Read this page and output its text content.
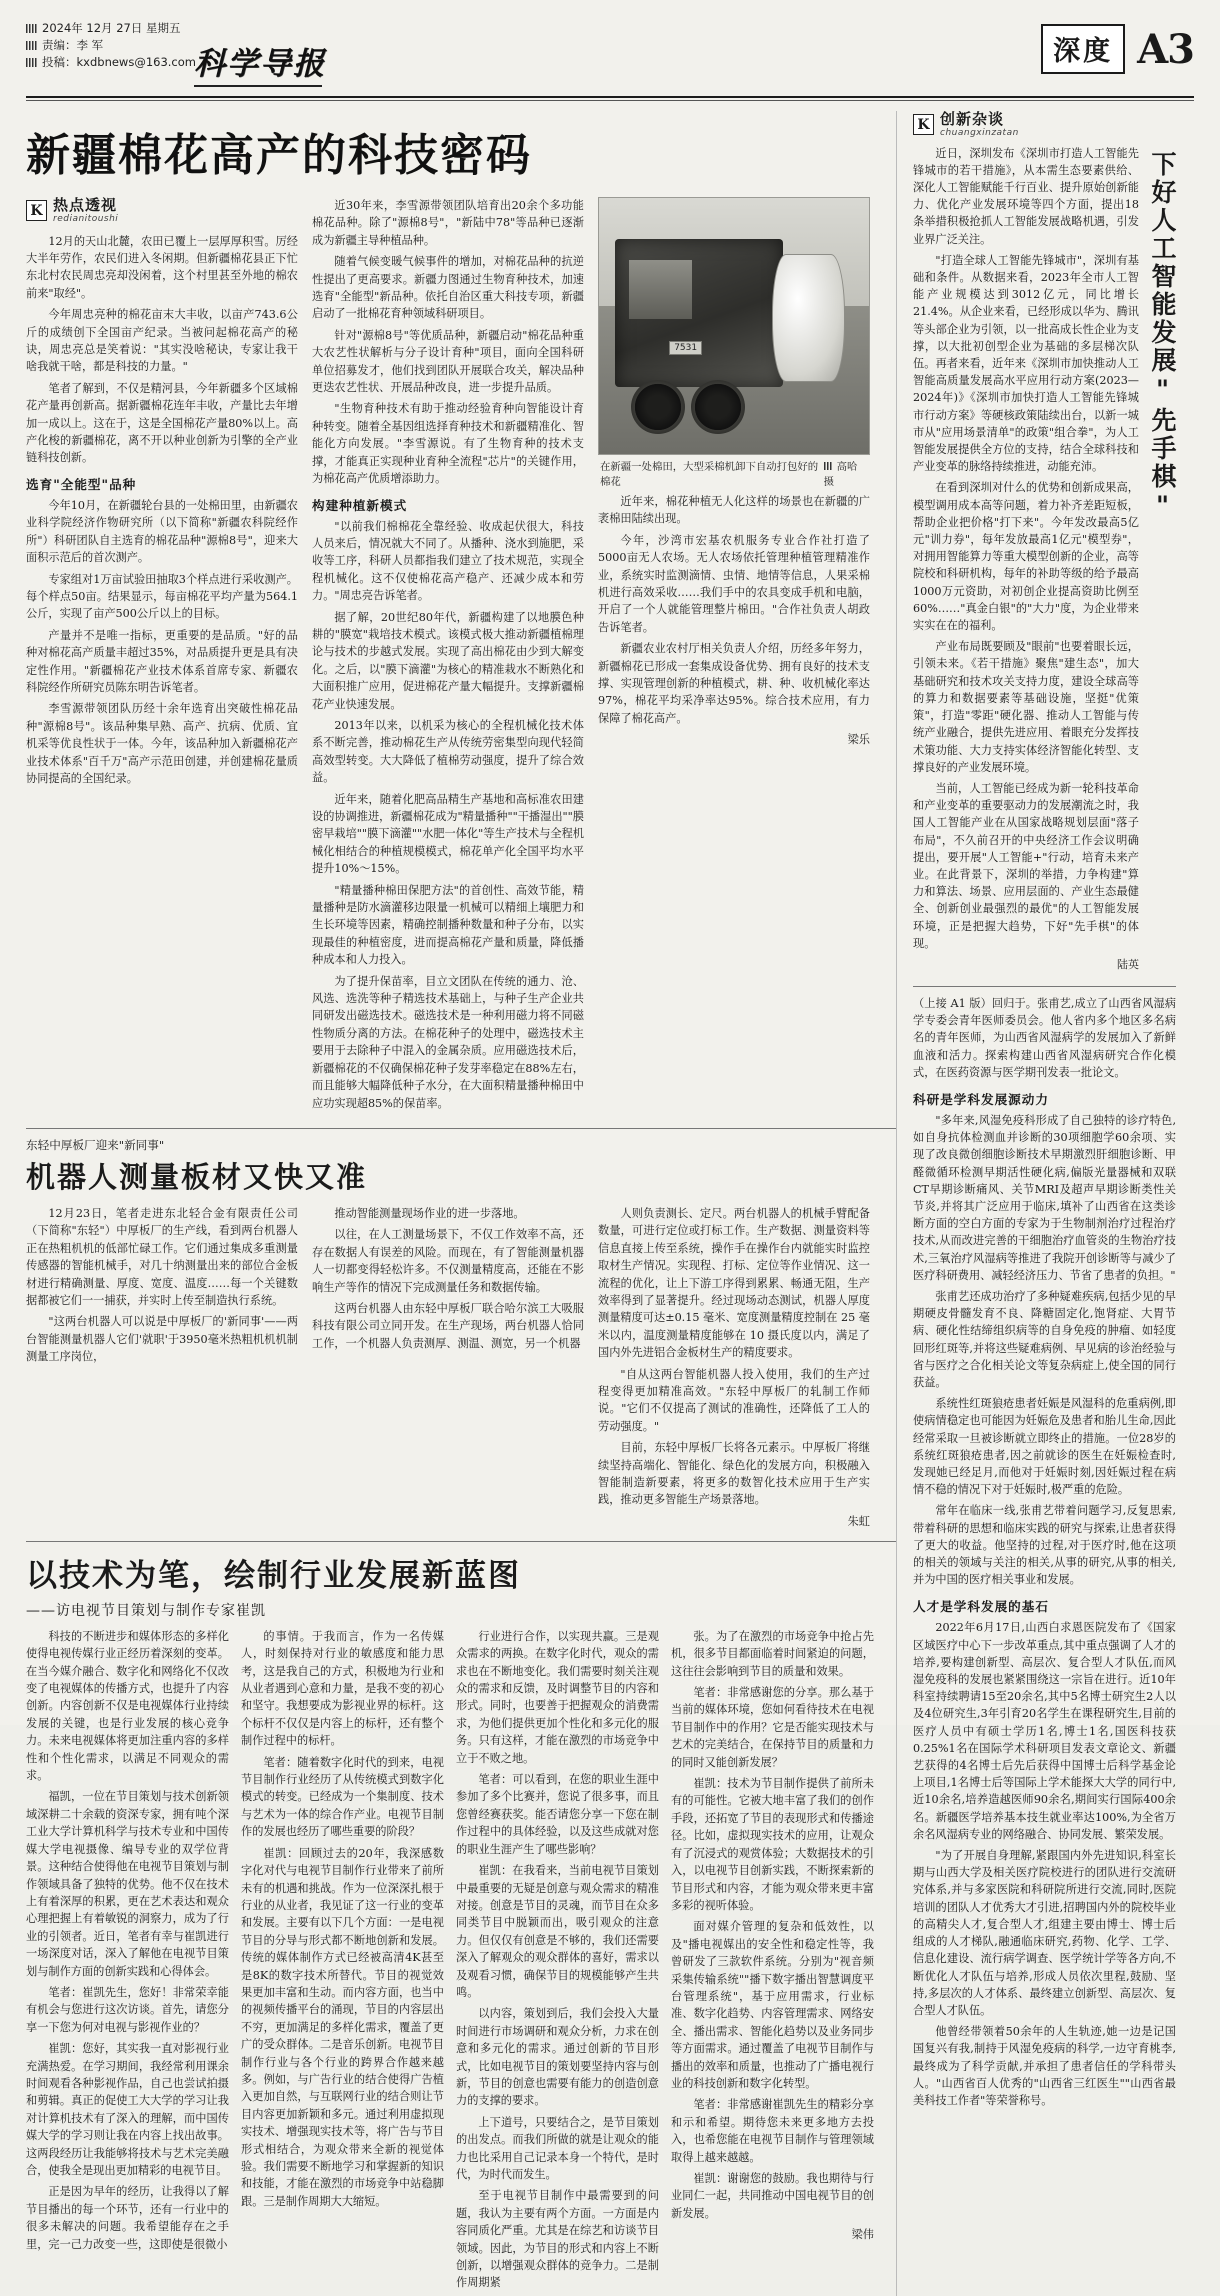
2024年 12月 27日 星期五
责编：李 军
投稿：kxdbnews@163.com
科学导报	深度 A3
新疆棉花高产的科技密码
K 热点透视
redianitoushi

12月的天山北麓，农田已覆上一层厚厚积雪。厉经大半年劳作，农民们进入冬闲期。但新疆棉花县正下忙东北村农民周忠亮却没闲着，这个村里甚至外地的棉农前来"取经"。

今年周忠亮种的棉花亩末大丰收，以亩产743.6公斤的成绩创下全国亩产纪录。当被问起棉花高产的秘诀，周忠亮总是笑着说："其实没啥秘诀，专家让我干啥我就干啥，都是科技的力量。"

笔者了解到，不仅是精河县，今年新疆多个区域棉花产量再创新高。据新疆棉花连年丰收，产量比去年增加一成以上。这在于，这是全国棉花产量80%以上。高产化梭的新疆棉花，离不开以种业创新为引擎的全产业链科技创新。

选育"全能型"品种

今年10月，在新疆轮台县的一处棉田里，由新疆农业科学院经济作物研究所（以下简称"新疆农科院经作所"）科研团队自主选育的棉花品种"源棉8号"，迎来大面积示范后的首次测产。

专家组对1万亩试验田抽取3个样点进行采收测产。每个样点50亩。结果显示，每亩棉花平均产量为564.1公斤，实现了亩产500公斤以上的目标。

产量并不是唯一指标，更重要的是品质。"好的品种对棉花高产质量丰超过35%，对品质提升更是具有决定性作用。"新疆棉花产业技术体系首席专家、新疆农科院经作所研究员陈东明告诉笔者。

李雪源带领团队历经十余年选育出突破性棉花品种"源棉8号"。该品种集早熟、高产、抗病、优质、宜机采等优良性状于一体。今年，该品种加入新疆棉花产业技术体系"百千万"高产示范田创建，并创建棉花量质协同提高的全国纪录。

近30年来，李雪源带领团队培育出20余个多功能棉花品种。除了"源棉8号"，"新陆中78"等品种已逐渐成为新疆主导种植品种。

随着气候变暖气候事件的增加，对棉花品种的抗逆性提出了更高要求。新疆力图通过生物育种技术，加速选育"全能型"新品种。依托自治区重大科技专项，新疆启动了一批棉花育种领域科研项目。

针对"源棉8号"等优质品种，新疆启动"棉花品种重大农艺性状解析与分子设计育种"项目，面向全国科研单位招募发才，他们找到团队开展联合攻关，解决品种更迭农艺性状、开展品种改良，进一步提升品质。

"生物育种技术有助于推动经验育种向智能设计育种转变。随着全基因组选择育种技术和新疆精准化、智能化方向发展。"李雪源说。有了生物育种的技术支撑，才能真正实现种业育种全流程"芯片"的关键作用，为棉花高产优质增添助力。

构建种植新模式

"以前我们棉棉花全靠经验、收成起伏很大，科技人员来后，情况就大不同了。从播种、浇水到施肥，采收等工序，科研人员都指我们建立了技术规范，实现全程机械化。这不仅使棉花高产稳产、还减少成本和劳力。"周忠亮告诉笔者。

据了解，20世纪80年代，新疆构建了以地膜色种耕的"膜宽"栽培技术模式。该模式极大推动新疆植棉理论与技术的步越式发展。实现了高出棉花由少到大解变化。之后，以"膜下滴灌"为核心的精准栽水不断熟化和大面积推广应用，促进棉花产量大幅提升。支撑新疆棉花产业快速发展。

2013年以来，以机采为核心的全程机械化技术体系不断完善，推动棉花生产从传统劳密集型向现代轻简高效型转变。大大降低了植棉劳动强度，提升了综合效益。

近年来，随着化肥高品精生产基地和高标准农田建设的协调推进，新疆棉花成为"精量播种""干播湿出""膜密早栽培""膜下滴灌""水肥一体化"等生产技术与全程机械化相结合的种植规模模式，棉花单产化全国平均水平提升10%～15%。

"精量播种棉田保肥方法"的首创性、高效节能，精量播种是防水滴灌移边限量一机械可以精细上壤肥力和生长环境等因素，精确控制播种数量和种子分布，以实现最佳的种植密度，进而提高棉花产量和质量，降低播种成本和人力投入。

为了提升保苗率，目立文团队在传统的通力、沧、风选、选洗等种子精选技术基础上，与种子生产企业共同研发出磁选技术。磁选技术是一种利用磁力将不同磁性物质分离的方法。在棉花种子的处理中，磁选技术主要用于去除种子中混入的金属杂质。应用磁选技术后，新疆棉花的不仅确保棉花种子发芽率稳定在88%左右，而且能够大幅降低种子水分，在大面积精量播种棉田中应功实现超85%的保苗率。

7531
在新疆一处棉田，大型采棉机卸下自动打包好的棉花
高哈 摄

近年来，棉花种植无人化这样的场景也在新疆的广袤棉田陆续出现。

今年，沙湾市宏基农机服务专业合作社打造了5000亩无人农场。无人农场依托管理种植管理精准作业，系统实时监测滴情、虫情、地情等信息，人果采棉机进行高效采收……我们手中的农具变成手机和电脑，开启了一个人就能管理整片棉田。"合作社负责人胡政告诉笔者。

新疆农业农村厅相关负责人介绍，历经多年努力，新疆棉花已形成一套集成设备优势、拥有良好的技术支撑、实现管理创新的种植模式，耕、种、收机械化率达97%，棉花平均采净率达95%。综合技术应用，有力保障了棉花高产。

梁乐
东轻中厚板厂迎来"新同事"
机器人测量板材又快又准

12月23日，笔者走进东北轻合金有限责任公司（下简称"东轻"）中厚板厂的生产线，看到两台机器人正在热粗机机的低部忙碌工作。它们通过集成多重测量传感器的智能机械手，对几十纳测量出来的部位合金板材进行精确测量、厚度、宽度、温度……每一个关键数据都被它们一一捕获，并实时上传至制造执行系统。

"这两台机器人可以说是中厚板厂的'新同事'——两台智能测量机器人它们'就职'于3950毫米热粗机机机制测量工序岗位，

推动智能测量现场作业的进一步落地。

以往，在人工测量场景下，不仅工作效率不高，还存在数据人有误差的风险。而现在，有了智能测量机器人一切都变得轻松许多。不仅测量精度高，还能在不影响生产等作的情况下完成测量任务和数据传输。

这两台机器人由东轻中厚板厂联合哈尔滨工大吸服科技有限公司立同开发。在生产现场，两台机器人恰同工作，一个机器人负责测厚、测温、测宽，另一个机器

人则负责测长、定尺。两台机器人的机械手臂配备数量，可进行定位或打标工作。生产数据、测量资料等信息直接上传至系统，操作手在操作台内就能实时监控取材生产情况。实现程、打标、定位等作业情况、这一流程的优化，让上下游工序得到累累、畅通无阻，生产效率得到了显著提升。经过现场动态测试，机器人厚度测量精度可达±0.15 毫米、宽度测量精度控制在 25 毫米以内，温度测量精度能够在 10 摄氏度以内，满足了国内外先进铝合金板材生产的精度要求。

"自从这两台智能机器人投入使用，我们的生产过程变得更加精准高效。"东轻中厚板厂的轧制工作师说。"它们不仅提高了测试的准确性，还降低了工人的劳动强度。"

目前，东轻中厚板厂长将各元素示。中厚板厂将继续坚持高端化、智能化、绿色化的发展方向，积极融入智能制造新要素，将更多的数智化技术应用于生产实践，推动更多智能生产场景落地。

朱虹
以技术为笔，绘制行业发展新蓝图
——访电视节目策划与制作专家崔凯

科技的不断进步和媒体形态的多样化使得电视传媒行业正经历着深刻的变革。在当今媒介融合、数字化和网络化不仅改变了电视媒体的传播方式，也提升了内容创新。内容创新不仅是电视媒体行业持续发展的关键，也是行业发展的核心竞争力。未来电视媒体将更加注重内容的多样性和个性化需求，以满足不同观众的需求。

福凯，一位在节目策划与技术创新领域深耕二十余载的资深专家，拥有吨个深工业大学计算机科学与技术专业和中国传媒大学电视摄像、编导专业的双学位背景。这种结合使得他在电视节目策划与制作领域具备了独特的优势。他不仅在技术上有着深厚的积累，更在艺术表达和观众心理把握上有着敏锐的洞察力，成为了行业的引领者。近日，笔者有幸与崔凯进行一场深度对话，深入了解他在电视节目策划与制作方面的创新实践和心得体会。

笔者：崔凯先生，您好！非常荣幸能有机会与您进行这次访谈。首先，请您分享一下您为何对电视与影视作业的？

崔凯：您好，其实我一直对影视行业充满热爱。在学习期间，我经常利用课余时间观看各种影视作品，自己也尝试拍摄和剪辑。真正的促使工大大学的学习让我对计算机技术有了深入的理解，而中国传媒大学的学习则让我在内容上找出故事。这两段经历让我能够将技术与艺术完美融合，使我全是现出更加精彩的电视节目。

正是因为早年的经历，让我得以了解节目播出的每一个环节，还有一行业中的很多未解决的问题。我希望能存在之手里，完一己力改变一些，这即使是很微小

的事情。于我而言，作为一名传媒人，时刻保持对行业的敏感度和能力思考，这是我自己的方式，积极地为行业和从业者遇到心意和力量，是我不变的初心和坚守。我想要成为影视业界的标杆。这个标杆不仅仅是内容上的标杆，还有整个制作过程中的标杆。

笔者：随着数字化时代的到来，电视节目制作行业经历了从传统模式到数字化模式的转变。已经成为一个集制度、技术与艺术为一体的综合作产业。电视节目制作的发展也经历了哪些重要的阶段？

崔凯：回顾过去的20年，我深感数字化对代与电视节目制作行业带来了前所未有的机遇和挑战。作为一位深深扎根于行业的从业者，我见证了这一行业的变革和发展。主要有以下几个方面：一是电视节目的分导与形式都不断地创新和发展。传统的媒体制作方式已经被高清4K甚至是8K的数字技术所替代。节目的视觉效果更加丰富和生动。而内容方面，也当中的视频传播平台的涌现，节目的内容层出不穷，更加满足的多样化需求，覆盖了更广的受众群体。二是音乐创新。电视节目制作行业与各个行业的跨界合作越来越多。例如，与广告行业的结合使得广告植入更加自然，与互联网行业的结合则让节目内容更加新颖和多元。通过利用虚拟现实技术、增强现实技术等，将广告与节目形式相结合，为观众带来全新的视觉体验。我们需要不断地学习和掌握新的知识和技能，才能在激烈的市场竞争中站稳脚跟。三是制作周期大大缩短。

行业进行合作，以实现共赢。三是观众需求的两换。在数字化时代，观众的需求也在不断地变化。我们需要时刻关注观众的需求和反馈，及时调整节目的内容和形式。同时，也要善于把握观众的消费需求，为他们提供更加个性化和多元化的服务。只有这样，才能在激烈的市场竞争中立于不败之地。

笔者：可以看到，在您的职业生涯中参加了多个比赛并，您说了很多事，而且您曾经赛获奖。能否请您分享一下您在制作过程中的具体经验，以及这些成就对您的职业生涯产生了哪些影响？

崔凯：在我看来，当前电视节目策划中最重要的无疑是创意与观众需求的精准对接。创意是节目的灵魂，而节目在众多同类节目中脱颖而出，吸引观众的注意力。但仅仅有创意是不够的，我们还需要深入了解观众的观众群体的喜好，需求以及观看习惯，确保节目的规模能够产生共鸣。

以内容，策划到后，我们会投入大量时间进行市场调研和观众分析，力求在创意和多元化的需求。通过创新的节目形式，比如电视节目的策划要坚持内容与创新，节目的创意也需要有能力的创造创意力的支撑的要求。

上下道号，只要结合之，是节目策划的出发点。而我们所做的就是让观众的能力也比采用自己记录本身一个特代，是时代，为时代而发生。

至于电视节目制作中最需要到的问题，我认为主要有两个方面。一方面是内容同质化严重。尤其是在综艺和访谈节目领域。因此，为节目的形式和内容上不断创新，以增强观众群体的竞争力。二是制作周期紧

张。为了在激烈的市场竞争中抢占先机，很多节目都面临着时间紧迫的问题，这往往会影响到节目的质量和效果。

笔者：非常感谢您的分享。那么基于当前的媒体环境，您如何看待技术在电视节目制作中的作用？它是否能实现技术与艺术的完美结合，在保持节目的质量和力的同时又能创新发展？

崔凯：技术为节目制作提供了前所未有的可能性。它被大地丰富了我们的创作手段，还拓宽了节目的表现形式和传播途径。比如，虚拟现实技术的应用，让观众有了沉浸式的观赏体验；大数据技术的引入，以电视节目创新实践，不断探索新的节目形式和内容，才能为观众带来更丰富多彩的视听体验。

面对媒介管理的复杂和低效性，以及"播电视媒出的安全性和稳定性等，我曾研发了三款软件系统。分别为"视音频采集传输系统""播下数字播出智慧调度平台管理系统"，基于应用需求，行业标准、数字化趋势、内容管理需求、网络安全、播出需求、智能化趋势以及业务同步等方面需求。通过覆盖了电视节目制作与播出的效率和质量，也推动了广播电视行业的科技创新和数字化转型。

笔者：非常感谢崔凯先生的精彩分享和示和希望。期待您未来更多地方去投入，也希您能在电视节目制作与管理领域取得上越来越越。

崔凯：谢谢您的鼓励。我也期待与行业同仁一起，共同推动中国电视节目的创新发展。

梁伟
K 创新杂谈
chuangxinzatan

近日，深圳发布《深圳市打造人工智能先锋城市的若干措施》，从本需生态要素供给、深化人工智能赋能千行百业、提升原始创新能力、优化产业发展环境等四个方面，提出18条举措积极抢抓人工智能发展战略机遇，引发业界广泛关注。

"打造全球人工智能先锋城市"，深圳有基础和条件。从数据来看，2023年全市人工智能产业规模达到3012亿元，同比增长21.4%。从企业来看，已经形成以华为、腾讯等头部企业为引领，以一批高成长性企业为支撑，以大批初创型企业为基础的多层梯次队伍。再者来看，近年来《深圳市加快推动人工智能高质量发展高水平应用行动方案(2023—2024年)》《深圳市加快打造人工智能先锋城市行动方案》等硬核政策陆续出台，以新一城市从"应用场景清单"的政策"组合拳"，为人工智能发展提供全方位的支持，结合全球科技和产业变革的脉络持续推进，动能充沛。

在看到深圳对什么的优势和创新成果高，模型调用成本高等问题，着力补齐差距短板，帮助企业把价格"打下来"。今年发改最高5亿元"训力券"，每年发放最高1亿元"模型券"，对拥用智能算力等重大模型创新的企业，高等院校和科研机构，每年的补助等级的给予最高1000万元资助，对初创企业提高资助比例至60%……"真金白银"的"大力"度，为企业带来实实在在的福利。

产业布局既要顾及"眼前"也要着眼长远，引领未来。《若干措施》聚焦"建生态"，加大基础研究和技术攻关支持力度，建设全球高等的算力和数据要素等基础设施，坚挺"优策策"，打造"零距"硬化器、推动人工智能与传统产业融合，提供先进应用、着眼充分发挥技术策功能、大力支持实体经济智能化转型、支撑良好的产业发展环境。

当前，人工智能已经成为新一轮科技革命和产业变革的重要驱动力的发展潮流之时，我国人工智能产业在从国家战略规划层面"落子布局"，不久前召开的中央经济工作会议明确提出，要开展"人工智能+"行动，培育未来产业。在此背景下，深圳的举措，力争构建"算力和算法、场景、应用层面的、产业生态最健全、创新创业最强烈的最优"的人工智能发展环境，正是把握大趋势，下好"先手棋"的体现。

陆英
下好人工智能发展"先手棋"

（上接 A1 版）回归于。张甫艺,成立了山西省风湿病学专委会青年医师委员会。他人省内多个地区多名病名的青年医师，为山西省风湿病学的发展加入了新鲜血液和活力。探索构建山西省风湿病研究合作化模式，在医药资源与医学期刊发表一批论文。

科研是学科发展源动力

"多年来,风湿免疫科形成了自己独特的诊疗特色,如自身抗体检测血并诊断的30项细胞学60余项、实现了改良微创细胞诊断技术早期激烈肝细胞诊断、甲醛微循环检测早期活性硬化病,偏版光量器械和双联CT早期诊断痛风、关节MRI及超声早期诊断类性关节炎,并将其广泛应用于临床,填补了山西省在这类诊断方面的空白方面的专家为于生物制剂治疗过程治疗技术,从而改进完善的干细胞治疗血管炎的生物治疗技术,三氧治疗风湿病等推进了我院开创诊断等与减少了医疗科研费用、减轻经济压力、节省了患者的负担。"

张甫艺还成功治疗了多种疑难疾病,包括少见的早期硬皮骨髓发育不良、降糖固定化,饱肾症、大胃节病、硬化性结缔组织病等的自身免疫的肿瘤、如轻度回形红斑等,并将这些疑难病例、早见病的诊治经验与省与医疗之合化相关论文等复杂病症上,使全国的同行获益。

系统性红斑狼疮患者妊娠是风湿科的危重病例,即使病情稳定也可能因为妊娠危及患者和胎儿生命,因此经常采取一旦被诊断就立即终止的措施。一位28岁的系统红斑狼疮患者,因之前就诊的医生在妊娠检查时,发现她已经足月,而他对于妊娠时刻,因妊娠过程在病情不稳的情况下对于妊娠时,极严重的危险。

常年在临床一线,张甫艺带着问题学习,反复思索,带着科研的思想和临床实践的研究与探索,让患者获得了更大的收益。他坚持的过程,对于医疗时,他在这项的相关的领域与关注的相关,从事的研究,从事的相关,并为中国的医疗相关事业和发展。

人才是学科发展的基石

2022年6月17日,山西白求恩医院发布了《国家区域医疗中心下一步改革重点,其中重点强调了人才的培养,要构建创新型、高层次、复合型人才队伍,而风湿免疫科的发展也紧紧围绕这一宗旨在进行。近10年科室持续聘请15至20余名,其中5名博士研究生2人以及4位研究生,3年引育20名学生在课程研究生,目前的医疗人员中有硕士学历1名,博士1名,国医科技获0.25%1名在国际学术科研项目发表文章论文、新疆艺获得的4名博士后先后获得中国博士后科学基金论上项目,1名博士后等国际上学术能探大大学的同行中,近10余名,培养造越医师90余名,期间实行国际400余名。新疆医学培养基本技生就业率达100%,为全省万余名风湿病专业的网络融合、协同发展、繁荣发展。

"为了开展自身理解,紧跟国内外先进知识,科室长期与山西大学及相关医疗院校进行的团队进行交流研究体系,并与多家医院和科研院所进行交流,同时,医院培训的团队人才优秀大才引进,招聘国内外的院校毕业的高精尖人才,复合型人才,组建主要由博士、博士后组成的人才梯队,融通临床研究,药物、化学、工学、信息化建设、流行病学调查、医学统计学等各方向,不断优化人才队伍与培养,形成人员依次里程,鼓励、坚持,多层次的人才体系、最终建立创新型、高层次、复合型人才队伍。

他曾经带领着50余年的人生轨迹,她一边是记国国复兴有我,制持于风湿免疫病的科学,一边守育桃李,最终成为了科学贡献,并承担了患者信任的学科带头人。"山西省百人优秀的"山西省三红医生""山西省最美科技工作者"等荣誉称号。
